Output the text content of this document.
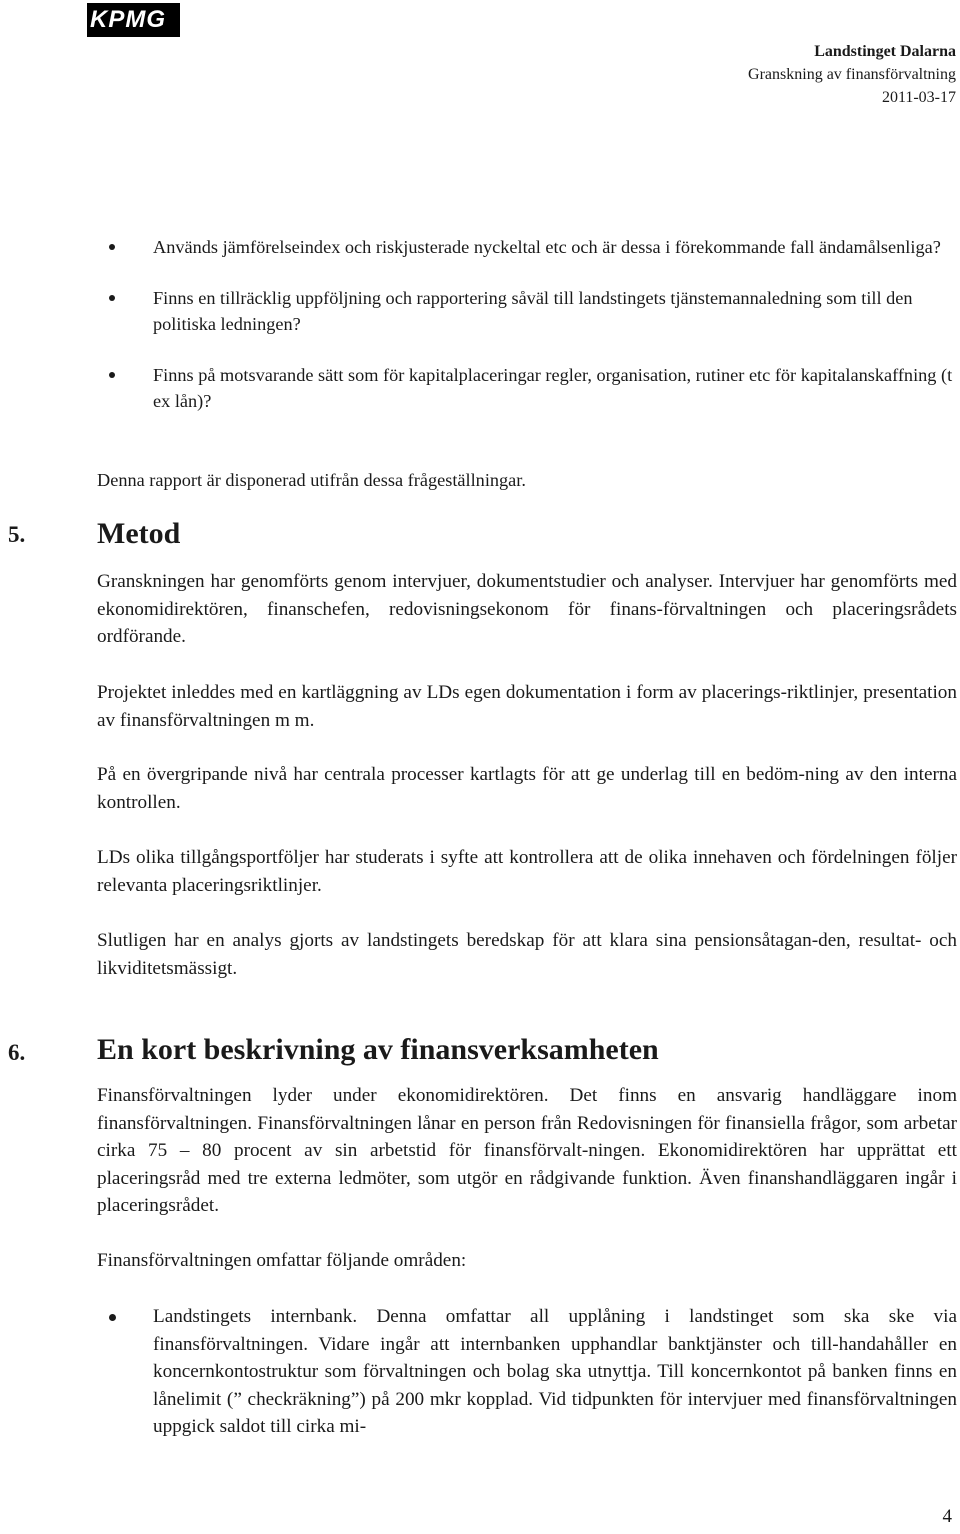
KPMG
Landstinget Dalarna
Granskning av finansförvaltning
2011-03-17
Används jämförelseindex och riskjusterade nyckeltal etc och är dessa i förekommande fall ändamålsenliga?
Finns en tillräcklig uppföljning och rapportering såväl till landstingets tjänstemannaledning som till den politiska ledningen?
Finns på motsvarande sätt som för kapitalplaceringar regler, organisation, rutiner etc för kapitalanskaffning (t ex lån)?

Denna rapport är disponerad utifrån dessa frågeställningar.

5. Metod

Granskningen har genomförts genom intervjuer, dokumentstudier och analyser. Intervjuer har genomförts med ekonomidirektören, finanschefen, redovisningsekonom för finans-förvaltningen och placeringsrådets ordförande.

Projektet inleddes med en kartläggning av LDs egen dokumentation i form av placerings-riktlinjer, presentation av finansförvaltningen m m.

På en övergripande nivå har centrala processer kartlagts för att ge underlag till en bedöm-ning av den interna kontrollen.

LDs olika tillgångsportföljer har studerats i syfte att kontrollera att de olika innehaven och fördelningen följer relevanta placeringsriktlinjer.

Slutligen har en analys gjorts av landstingets beredskap för att klara sina pensionsåtagan-den, resultat- och likviditetsmässigt.

6. En kort beskrivning av finansverksamheten

Finansförvaltningen lyder under ekonomidirektören. Det finns en ansvarig handläggare inom finansförvaltningen. Finansförvaltningen lånar en person från Redovisningen för finansiella frågor, som arbetar cirka 75 – 80 procent av sin arbetstid för finansförvalt-ningen. Ekonomidirektören har upprättat ett placeringsråd med tre externa ledmöter, som utgör en rådgivande funktion. Även finanshandläggaren ingår i placeringsrådet.

Finansförvaltningen omfattar följande områden:

Landstingets internbank. Denna omfattar all upplåning i landstinget som ska ske via finansförvaltningen. Vidare ingår att internbanken upphandlar banktjänster och till-handahåller en koncernkontostruktur som förvaltningen och bolag ska utnyttja. Till koncernkontot på banken finns en lånelimit (” checkräkning”) på 200 mkr kopplad. Vid tidpunkten för intervjuer med finansförvaltningen uppgick saldot till cirka mi-
4
